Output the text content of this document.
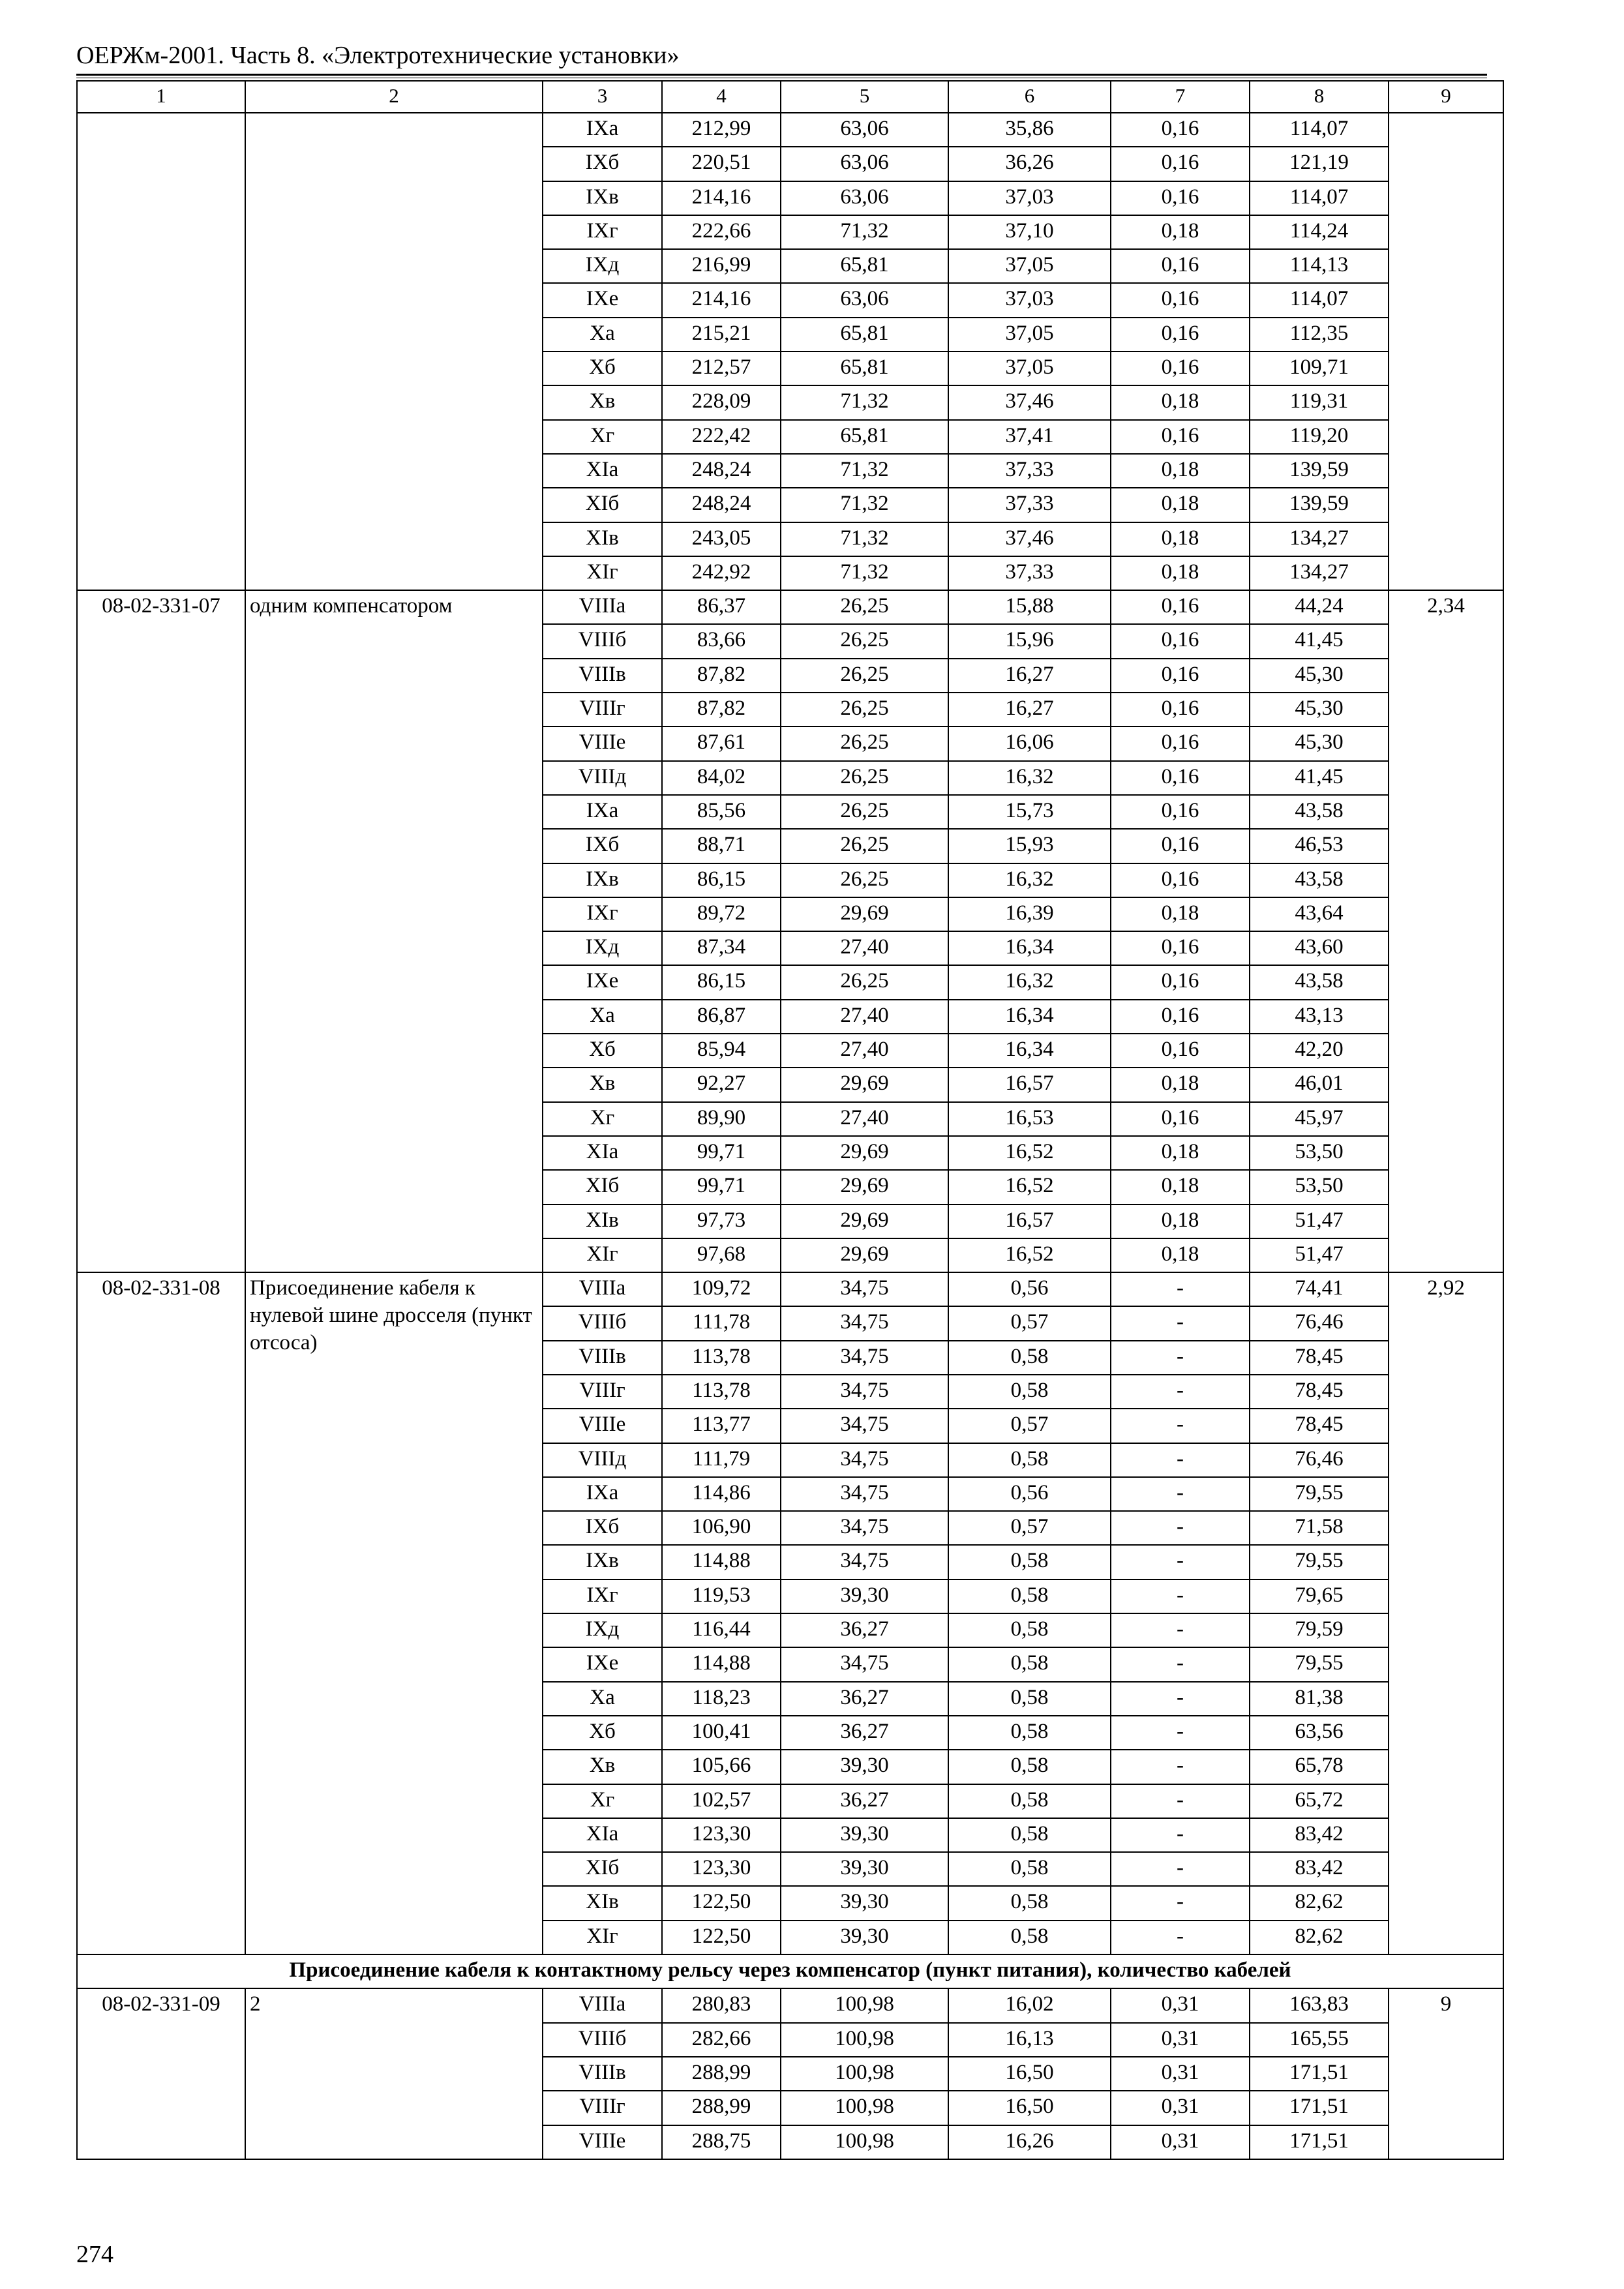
ОЕРЖм-2001. Часть 8. «Электротехнические установки»
1	2	3	4	5	6	7	8	9
		IXа	212,99	63,06	35,86	0,16	114,07	
		IXб	220,51	63,06	36,26	0,16	121,19	
		IXв	214,16	63,06	37,03	0,16	114,07	
		IXг	222,66	71,32	37,10	0,18	114,24	
		IXд	216,99	65,81	37,05	0,16	114,13	
		IXе	214,16	63,06	37,03	0,16	114,07	
		Xа	215,21	65,81	37,05	0,16	112,35	
		Xб	212,57	65,81	37,05	0,16	109,71	
		Xв	228,09	71,32	37,46	0,18	119,31	
		Xг	222,42	65,81	37,41	0,16	119,20	
		XIа	248,24	71,32	37,33	0,18	139,59	
		XIб	248,24	71,32	37,33	0,18	139,59	
		XIв	243,05	71,32	37,46	0,18	134,27	
		XIг	242,92	71,32	37,33	0,18	134,27	
08-02-331-07	одним компенсатором	VIIIа	86,37	26,25	15,88	0,16	44,24	2,34
		VIIIб	83,66	26,25	15,96	0,16	41,45	
		VIIIв	87,82	26,25	16,27	0,16	45,30	
		VIIIг	87,82	26,25	16,27	0,16	45,30	
		VIIIе	87,61	26,25	16,06	0,16	45,30	
		VIIIд	84,02	26,25	16,32	0,16	41,45	
		IXа	85,56	26,25	15,73	0,16	43,58	
		IXб	88,71	26,25	15,93	0,16	46,53	
		IXв	86,15	26,25	16,32	0,16	43,58	
		IXг	89,72	29,69	16,39	0,18	43,64	
		IXд	87,34	27,40	16,34	0,16	43,60	
		IXе	86,15	26,25	16,32	0,16	43,58	
		Xа	86,87	27,40	16,34	0,16	43,13	
		Xб	85,94	27,40	16,34	0,16	42,20	
		Xв	92,27	29,69	16,57	0,18	46,01	
		Xг	89,90	27,40	16,53	0,16	45,97	
		XIа	99,71	29,69	16,52	0,18	53,50	
		XIб	99,71	29,69	16,52	0,18	53,50	
		XIв	97,73	29,69	16,57	0,18	51,47	
		XIг	97,68	29,69	16,52	0,18	51,47	
08-02-331-08	Присоединение кабеля к нулевой шине дросселя (пункт отсоса)	VIIIа	109,72	34,75	0,56	-	74,41	2,92
		VIIIб	111,78	34,75	0,57	-	76,46	
		VIIIв	113,78	34,75	0,58	-	78,45	
		VIIIг	113,78	34,75	0,58	-	78,45	
		VIIIе	113,77	34,75	0,57	-	78,45	
		VIIIд	111,79	34,75	0,58	-	76,46	
		IXа	114,86	34,75	0,56	-	79,55	
		IXб	106,90	34,75	0,57	-	71,58	
		IXв	114,88	34,75	0,58	-	79,55	
		IXг	119,53	39,30	0,58	-	79,65	
		IXд	116,44	36,27	0,58	-	79,59	
		IXе	114,88	34,75	0,58	-	79,55	
		Xа	118,23	36,27	0,58	-	81,38	
		Xб	100,41	36,27	0,58	-	63,56	
		Xв	105,66	39,30	0,58	-	65,78	
		Xг	102,57	36,27	0,58	-	65,72	
		XIа	123,30	39,30	0,58	-	83,42	
		XIб	123,30	39,30	0,58	-	83,42	
		XIв	122,50	39,30	0,58	-	82,62	
		XIг	122,50	39,30	0,58	-	82,62	
Присоединение кабеля к контактному рельсу через компенсатор (пункт питания), количество кабелей								
08-02-331-09	2	VIIIа	280,83	100,98	16,02	0,31	163,83	9
		VIIIб	282,66	100,98	16,13	0,31	165,55	
		VIIIв	288,99	100,98	16,50	0,31	171,51	
		VIIIг	288,99	100,98	16,50	0,31	171,51	
		VIIIе	288,75	100,98	16,26	0,31	171,51	
274
